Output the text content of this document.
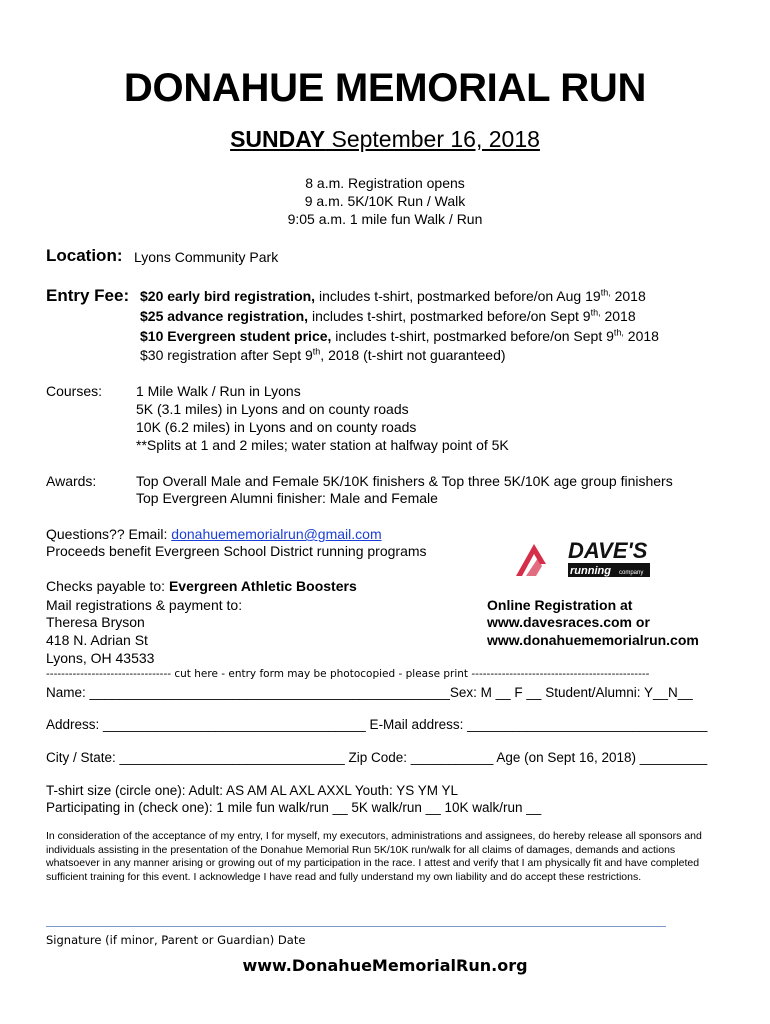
DONAHUE MEMORIAL RUN
SUNDAY September 16, 2018
8 a.m. Registration opens
9 a.m. 5K/10K Run / Walk
9:05 a.m. 1 mile fun Walk / Run
Location: Lyons Community Park
Entry Fee: $20 early bird registration, includes t-shirt, postmarked before/on Aug $19^{th,}$ 2018
$25 advance registration, includes t-shirt, postmarked before/on Sept $9^{th,}$ 2018
$10 Evergreen student price, includes t-shirt, postmarked before/on Sept $9^{th,}$ 2018
$30 registration after Sept 9th, 2018 (t-shirt not guaranteed)
Courses: 1 Mile Walk / Run in Lyons
5K (3.1 miles) in Lyons and on county roads
10K (6.2 miles) in Lyons and on county roads
**Splits at 1 and 2 miles; water station at halfway point of 5K
Awards:	Top Overall Male and Female 5K/10K finishers & Top three 5K/10K age group finishers
Top Evergreen Alumni finisher: Male and Female
Questions?? Email: donahuememorialrun@gmail.com
Proceeds benefit Evergreen School District running programs	DAVE'S
running company
Checks payable to: Evergreen Athletic Boosters
Mail registrations & payment to:
Theresa Bryson
418 N. Adrian St
Lyons, OH 43533
Online Registration at
www.davesraces.com or
www.donahuememorialrun.com
--------------------------------- cut here - entry form may be photocopied - please print -----------------------------------------------
Name: ________________________________________________Sex: M __ F __ Student/Alumni: Y__N__
Address: ___________________________________ E-Mail address: ________________________________
City / State: ______________________________ Zip Code: ___________ Age (on Sept 16, 2018) _________
T-shirt size (circle one): Adult: AS AM AL AXL AXXL Youth: YS YM YL
Participating in (check one): 1 mile fun walk/run __ 5K walk/run __ 10K walk/run __
In consideration of the acceptance of my entry, I for myself, my executors, administrations and assignees, do hereby release all sponsors and individuals assisting in the presentation of the Donahue Memorial Run 5K/10K run/walk for all claims of damages, demands and actions whatsoever in any manner arising or growing out of my participation in the race. I attest and verify that I am physically fit and have completed sufficient training for this event. I acknowledge I have read and fully understand my own liability and do accept these restrictions.
Signature (if minor, Parent or Guardian) Date
www.DonahueMemorialRun.org
